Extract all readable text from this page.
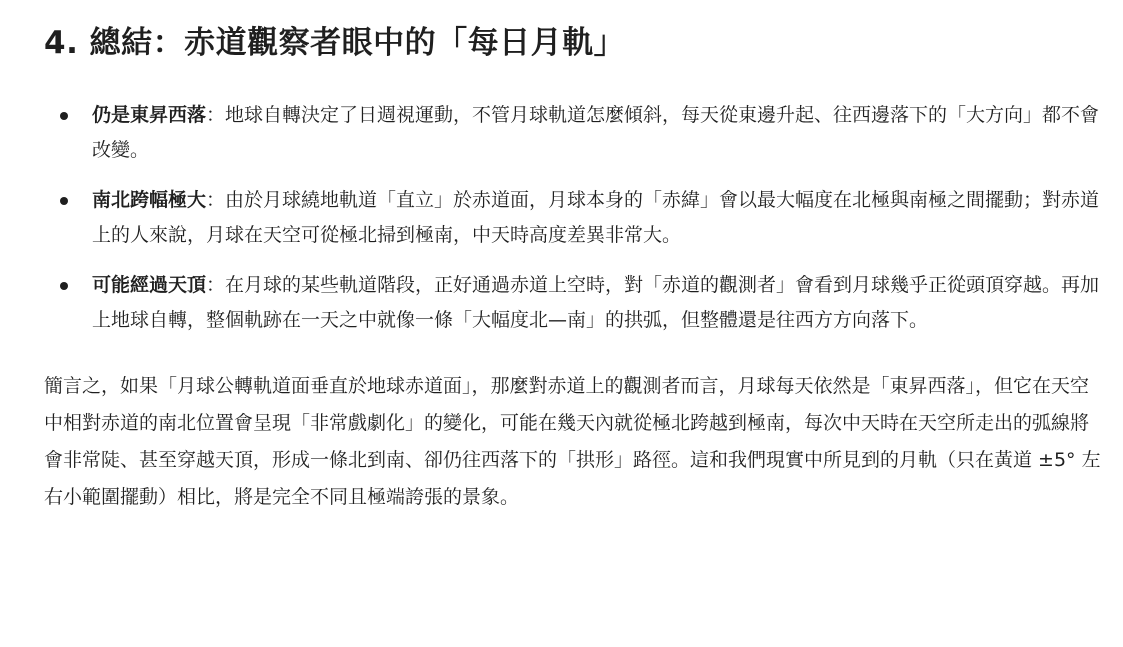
4. 總結：赤道觀察者眼中的「每日月軌」
仍是東昇西落：地球自轉決定了日週視運動，不管月球軌道怎麼傾斜，每天從東邊升起、往西邊落下的「大方向」都不會改變。
南北跨幅極大：由於月球繞地軌道「直立」於赤道面，月球本身的「赤緯」會以最大幅度在北極與南極之間擺動；對赤道上的人來說，月球在天空可從極北掃到極南，中天時高度差異非常大。
可能經過天頂：在月球的某些軌道階段，正好通過赤道上空時，對「赤道的觀測者」會看到月球幾乎正從頭頂穿越。再加上地球自轉，整個軌跡在一天之中就像一條「大幅度北—南」的拱弧，但整體還是往西方方向落下。

簡言之，如果「月球公轉軌道面垂直於地球赤道面」，那麼對赤道上的觀測者而言，月球每天依然是「東昇西落」，但它在天空中相對赤道的南北位置會呈現「非常戲劇化」的變化，可能在幾天內就從極北跨越到極南，每次中天時在天空所走出的弧線將會非常陡、甚至穿越天頂，形成一條北到南、卻仍往西落下的「拱形」路徑。這和我們現實中所見到的月軌（只在黃道 ±5° 左右小範圍擺動）相比，將是完全不同且極端誇張的景象。
